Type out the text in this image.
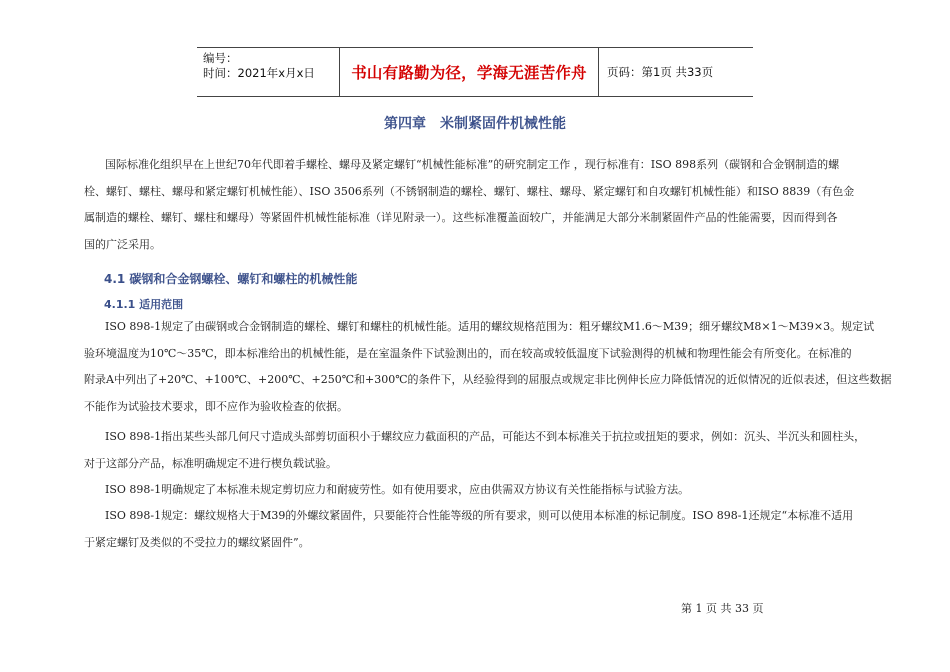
编号：
时间：2021年x月x日	书山有路勤为径，学海无涯苦作舟	页码：第1页 共33页
第四章 米制紧固件机械性能
国际标准化组织早在上世纪70年代即着手螺栓、螺母及紧定螺钉“机械性能标准”的研究制定工作 ，现行标准有：ISO 898系列（碳钢和合金钢制造的螺
栓、螺钉、螺柱、螺母和紧定螺钉机械性能）、ISO 3506系列（不锈钢制造的螺栓、螺钉、螺柱、螺母、紧定螺钉和自攻螺钉机械性能）和ISO 8839（有色金
属制造的螺栓、螺钉、螺柱和螺母）等紧固件机械性能标准（详见附录一）。这些标准覆盖面较广，并能满足大部分米制紧固件产品的性能需要，因而得到各
国的广泛采用。
4.1 碳钢和合金钢螺栓、螺钉和螺柱的机械性能
4.1.1 适用范围
ISO 898-1规定了由碳钢或合金钢制造的螺栓、螺钉和螺柱的机械性能。适用的螺纹规格范围为：粗牙螺纹M1.6～M39；细牙螺纹M8×1～M39×3。规定试
验环境温度为10℃～35℃，即本标准给出的机械性能，是在室温条件下试验测出的，而在较高或较低温度下试验测得的机械和物理性能会有所变化。在标准的
附录A中列出了+20℃、+100℃、+200℃、+250℃和+300℃的条件下，从经验得到的屈服点或规定非比例伸长应力降低情况的近似情况的近似表述，但这些数据
不能作为试验技术要求，即不应作为验收检查的依据。
ISO 898-1指出某些头部几何尺寸造成头部剪切面积小于螺纹应力截面积的产品，可能达不到本标准关于抗拉或扭矩的要求，例如：沉头、半沉头和圆柱头，
对于这部分产品，标准明确规定不进行楔负载试验。
ISO 898-1明确规定了本标准未规定剪切应力和耐疲劳性。如有使用要求，应由供需双方协议有关性能指标与试验方法。
ISO 898-1规定：螺纹规格大于M39的外螺纹紧固件，只要能符合性能等级的所有要求，则可以使用本标准的标记制度。ISO 898-1还规定“本标准不适用
于紧定螺钉及类似的不受拉力的螺纹紧固件”。
第 1 页 共 33 页
